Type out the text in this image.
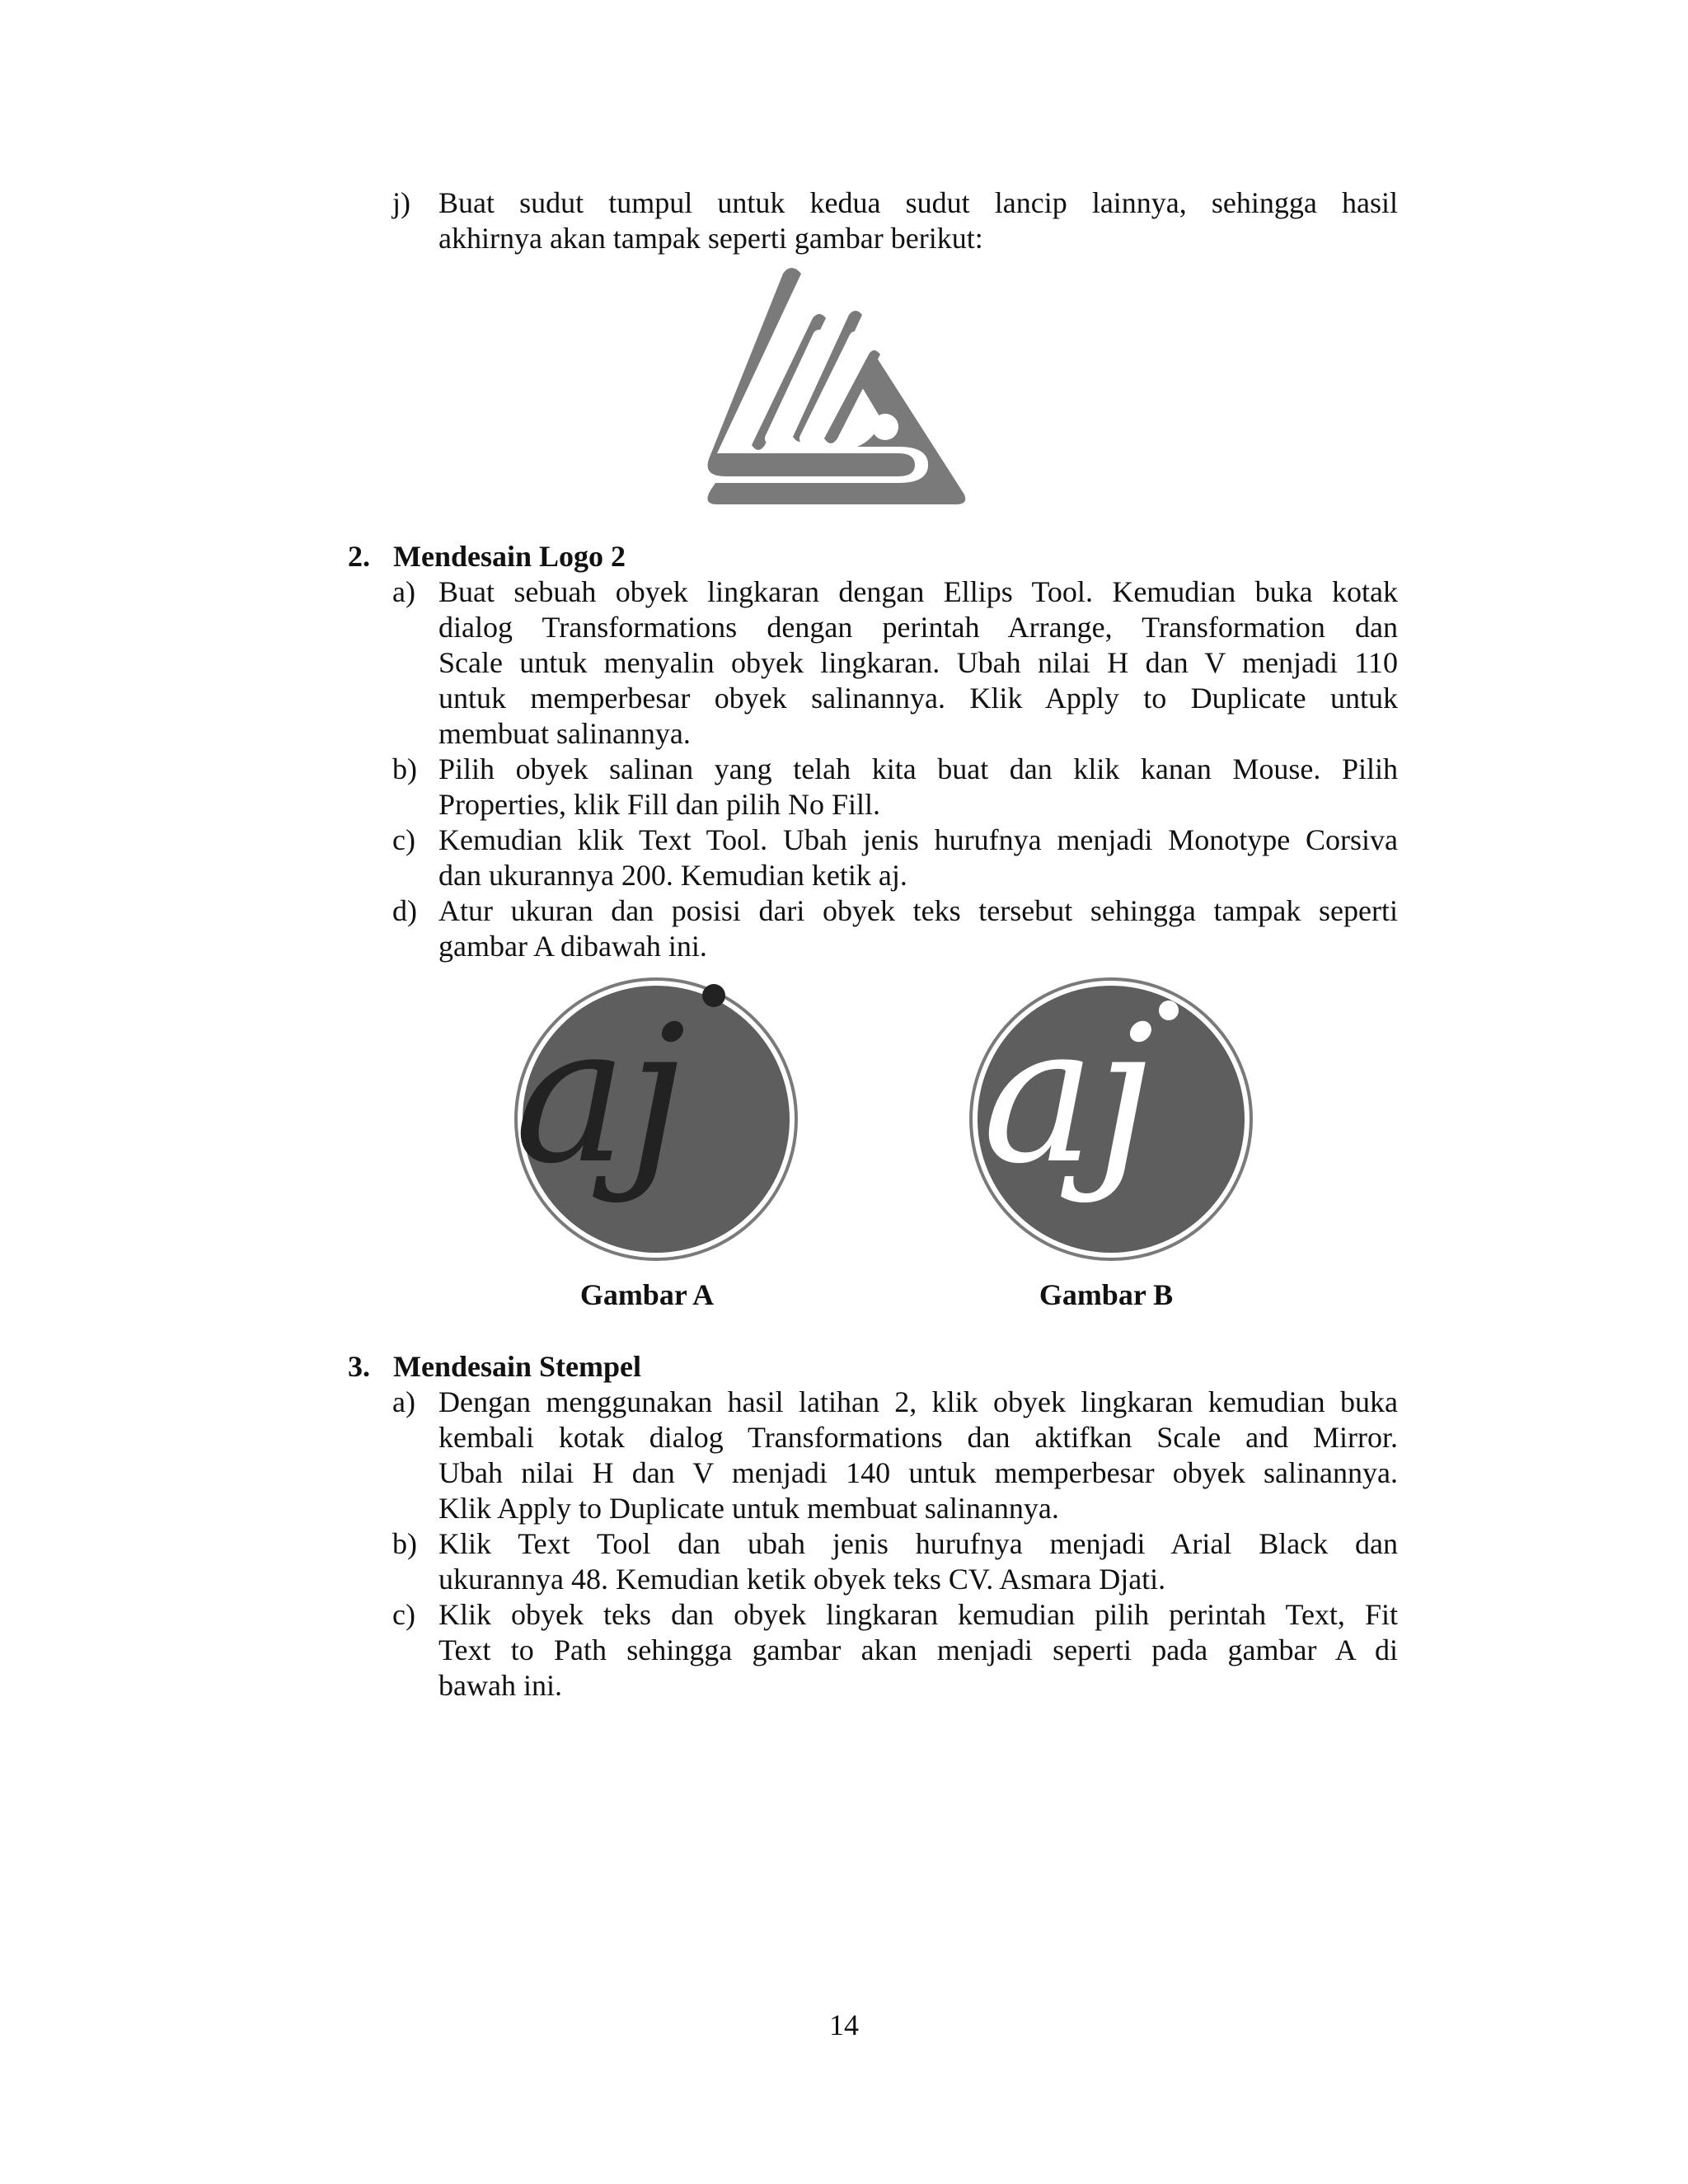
j) Buat sudut tumpul untuk kedua sudut lancip lainnya, sehingga hasil
akhirnya akan tampak seperti gambar berikut:
2. Mendesain Logo 2
a) Buat sebuah obyek lingkaran dengan Ellips Tool. Kemudian buka kotak
dialog Transformations dengan perintah Arrange, Transformation dan
Scale untuk menyalin obyek lingkaran. Ubah nilai H dan V menjadi 110
untuk memperbesar obyek salinannya. Klik Apply to Duplicate untuk
membuat salinannya.
b) Pilih obyek salinan yang telah kita buat dan klik kanan Mouse. Pilih
Properties, klik Fill dan pilih No Fill.
c) Kemudian klik Text Tool. Ubah jenis hurufnya menjadi Monotype Corsiva
dan ukurannya 200. Kemudian ketik aj.
d) Atur ukuran dan posisi dari obyek teks tersebut sehingga tampak seperti
gambar A dibawah ini.
aj aj
Gambar A	Gambar B
3. Mendesain Stempel
a) Dengan menggunakan hasil latihan 2, klik obyek lingkaran kemudian buka
kembali kotak dialog Transformations dan aktifkan Scale and Mirror.
Ubah nilai H dan V menjadi 140 untuk memperbesar obyek salinannya.
Klik Apply to Duplicate untuk membuat salinannya.
b) Klik Text Tool dan ubah jenis hurufnya menjadi Arial Black dan
ukurannya 48. Kemudian ketik obyek teks CV. Asmara Djati.
c) Klik obyek teks dan obyek lingkaran kemudian pilih perintah Text, Fit
Text to Path sehingga gambar akan menjadi seperti pada gambar A di
bawah ini.
14
